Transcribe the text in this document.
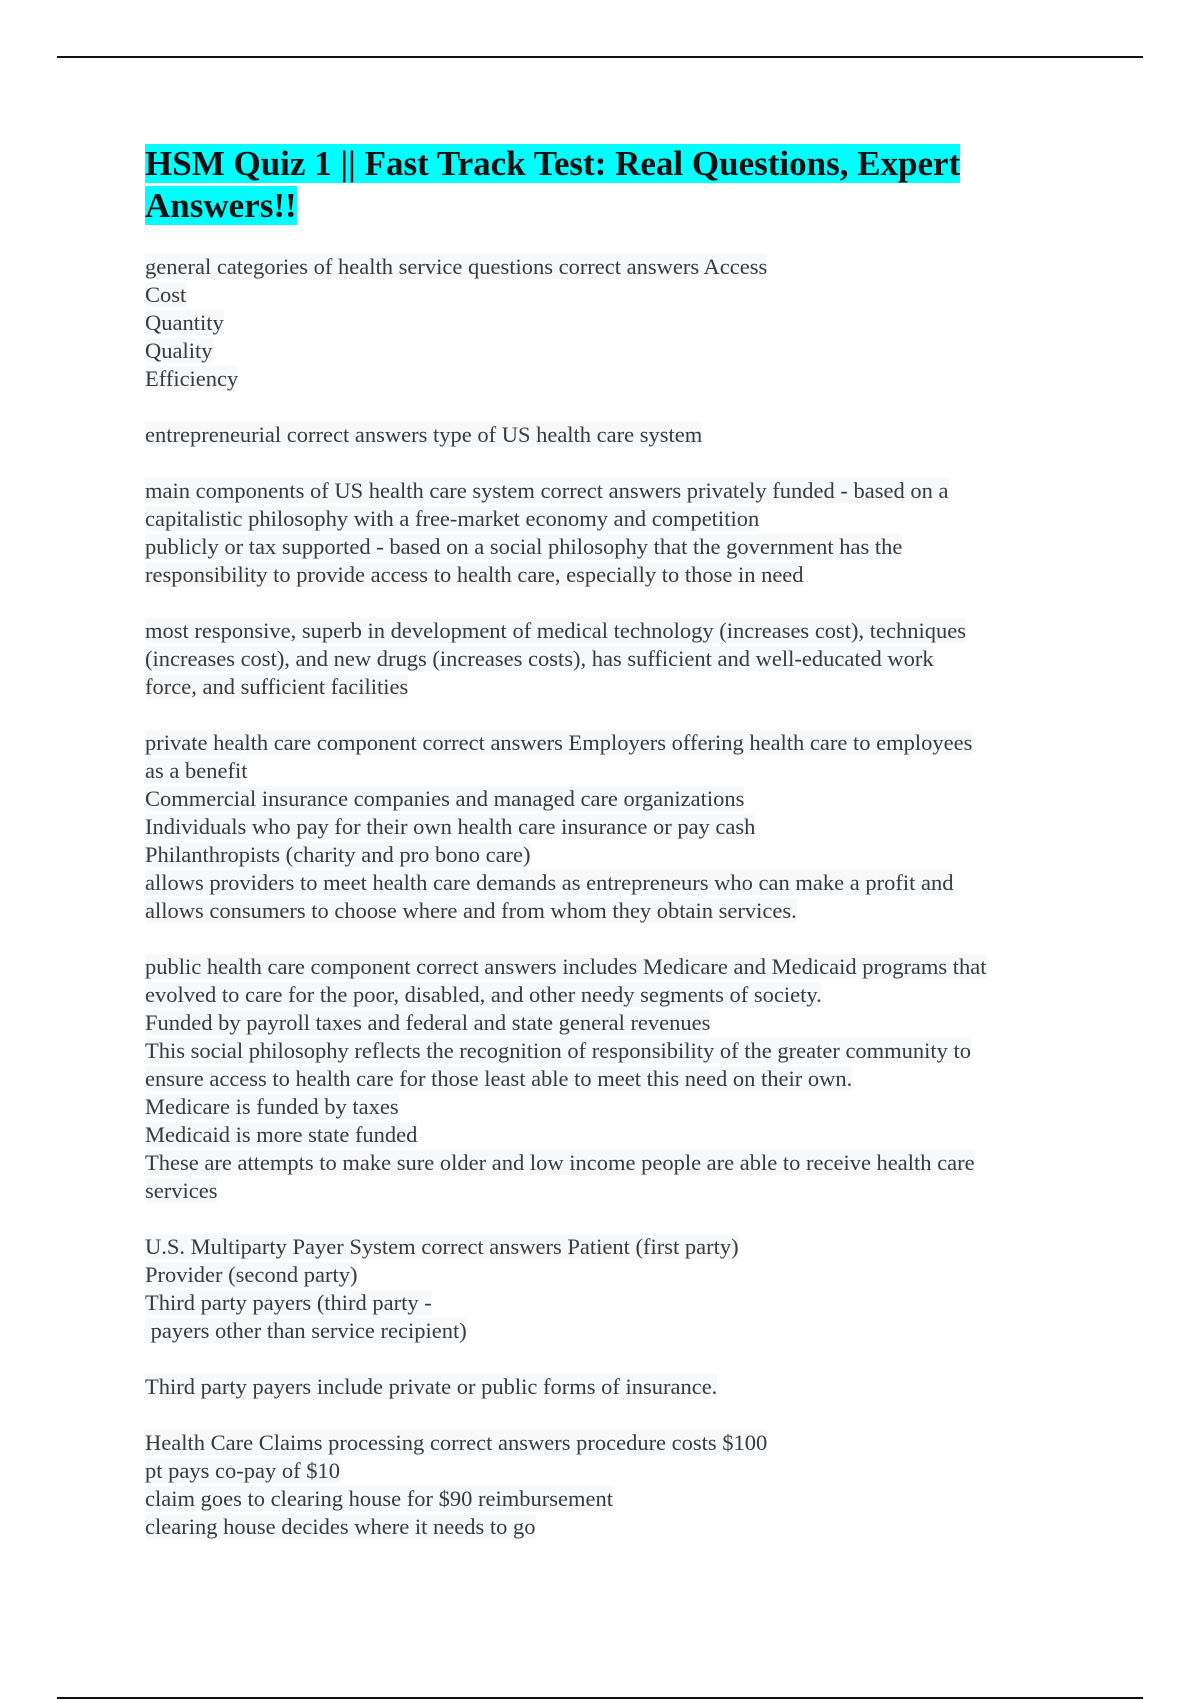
HSM Quiz 1 || Fast Track Test: Real Questions, Expert Answers!!
general categories of health service questions correct answers Access
Cost
Quantity
Quality
Efficiency
entrepreneurial correct answers type of US health care system
main components of US health care system correct answers privately funded - based on a
capitalistic philosophy with a free-market economy and competition
publicly or tax supported - based on a social philosophy that the government has the
responsibility to provide access to health care, especially to those in need
most responsive, superb in development of medical technology (increases cost), techniques
(increases cost), and new drugs (increases costs), has sufficient and well-educated work
force, and sufficient facilities
private health care component correct answers Employers offering health care to employees
as a benefit
Commercial insurance companies and managed care organizations
Individuals who pay for their own health care insurance or pay cash
Philanthropists (charity and pro bono care)
allows providers to meet health care demands as entrepreneurs who can make a profit and
allows consumers to choose where and from whom they obtain services.
public health care component correct answers includes Medicare and Medicaid programs that
evolved to care for the poor, disabled, and other needy segments of society.
Funded by payroll taxes and federal and state general revenues
This social philosophy reflects the recognition of responsibility of the greater community to
ensure access to health care for those least able to meet this need on their own.
Medicare is funded by taxes
Medicaid is more state funded
These are attempts to make sure older and low income people are able to receive health care
services
U.S. Multiparty Payer System correct answers Patient (first party)
Provider (second party)
Third party payers (third party -
payers other than service recipient)
Third party payers include private or public forms of insurance.
Health Care Claims processing correct answers procedure costs $100
pt pays co-pay of $10
claim goes to clearing house for $90 reimbursement
clearing house decides where it needs to go
